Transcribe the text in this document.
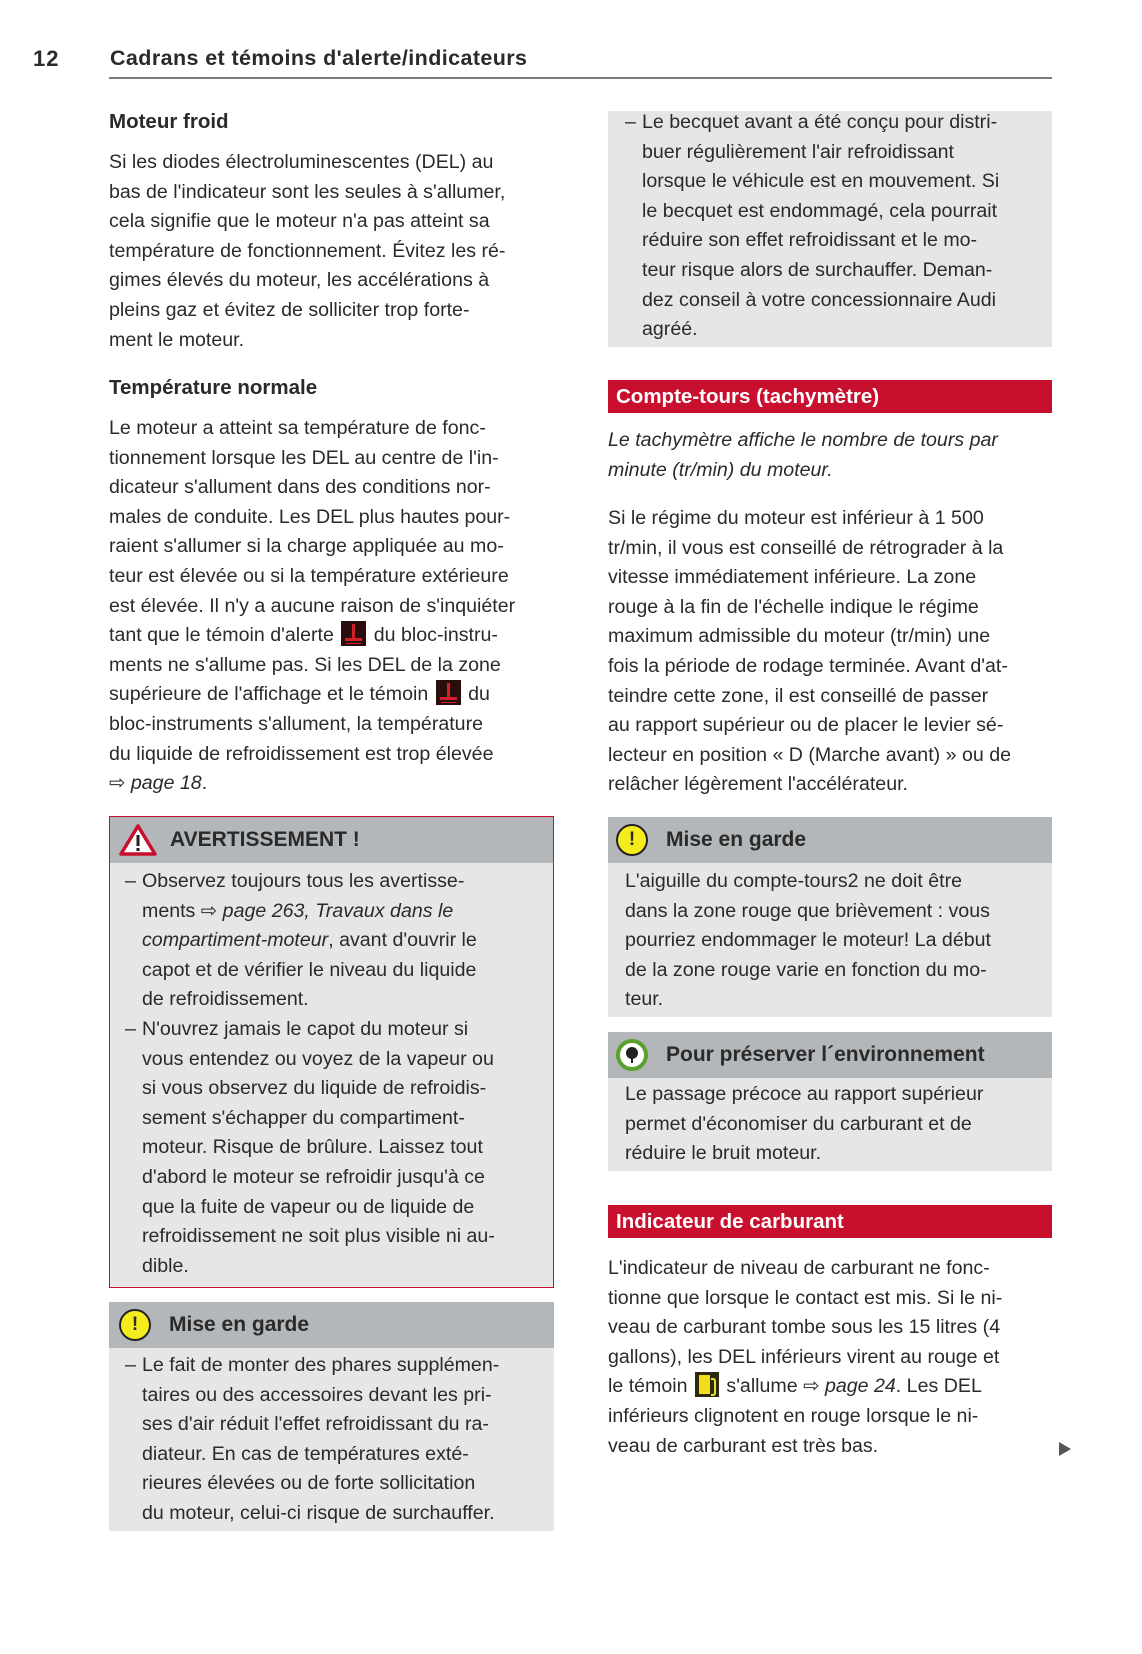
12 Cadrans et témoins d'alerte/indicateurs
Moteur froid
Si les diodes électroluminescentes (DEL) au
bas de l'indicateur sont les seules à s'allumer,
cela signifie que le moteur n'a pas atteint sa
température de fonctionnement. Évitez les ré-
gimes élevés du moteur, les accélérations à
pleins gaz et évitez de solliciter trop forte-
ment le moteur.
Température normale
Le moteur a atteint sa température de fonc-
tionnement lorsque les DEL au centre de l'in-
dicateur s'allument dans des conditions nor-
males de conduite. Les DEL plus hautes pour-
raient s'allumer si la charge appliquée au mo-
teur est élevée ou si la température extérieure
est élevée. Il n'y a aucune raison de s'inquiéter
tant que le témoin d'alerte  du bloc-instru-
ments ne s'allume pas. Si les DEL de la zone
supérieure de l'affichage et le témoin  du
bloc-instruments s'allument, la température
du liquide de refroidissement est trop élevée
⇨ page 18.
AVERTISSEMENT !
– Observez toujours tous les avertisse-
ments ⇨ page 263, Travaux dans le
compartiment-moteur, avant d'ouvrir le
capot et de vérifier le niveau du liquide
de refroidissement.
– N'ouvrez jamais le capot du moteur si
vous entendez ou voyez de la vapeur ou
si vous observez du liquide de refroidis-
sement s'échapper du compartiment-
moteur. Risque de brûlure. Laissez tout
d'abord le moteur se refroidir jusqu'à ce
que la fuite de vapeur ou de liquide de
refroidissement ne soit plus visible ni au-
dible.
!	Mise en garde
– Le fait de monter des phares supplémen-
taires ou des accessoires devant les pri-
ses d'air réduit l'effet refroidissant du ra-
diateur. En cas de températures exté-
rieures élevées ou de forte sollicitation
du moteur, celui-ci risque de surchauffer.
– Le becquet avant a été conçu pour distri-
buer régulièrement l'air refroidissant
lorsque le véhicule est en mouvement. Si
le becquet est endommagé, cela pourrait
réduire son effet refroidissant et le mo-
teur risque alors de surchauffer. Deman-
dez conseil à votre concessionnaire Audi
agréé.
Compte-tours (tachymètre)
Le tachymètre affiche le nombre de tours par
minute (tr/min) du moteur.
Si le régime du moteur est inférieur à 1 500
tr/min, il vous est conseillé de rétrograder à la
vitesse immédiatement inférieure. La zone
rouge à la fin de l'échelle indique le régime
maximum admissible du moteur (tr/min) une
fois la période de rodage terminée. Avant d'at-
teindre cette zone, il est conseillé de passer
au rapport supérieur ou de placer le levier sé-
lecteur en position « D (Marche avant) » ou de
relâcher légèrement l'accélérateur.
!	Mise en garde
L'aiguille du compte-tours2 ne doit être
dans la zone rouge que brièvement : vous
pourriez endommager le moteur! La début
de la zone rouge varie en fonction du mo-
teur.
Pour préserver l´environnement
Le passage précoce au rapport supérieur
permet d'économiser du carburant et de
réduire le bruit moteur.
Indicateur de carburant
L'indicateur de niveau de carburant ne fonc-
tionne que lorsque le contact est mis. Si le ni-
veau de carburant tombe sous les 15 litres (4
gallons), les DEL inférieurs virent au rouge et
le témoin  s'allume ⇨ page 24. Les DEL
inférieurs clignotent en rouge lorsque le ni-
veau de carburant est très bas.
